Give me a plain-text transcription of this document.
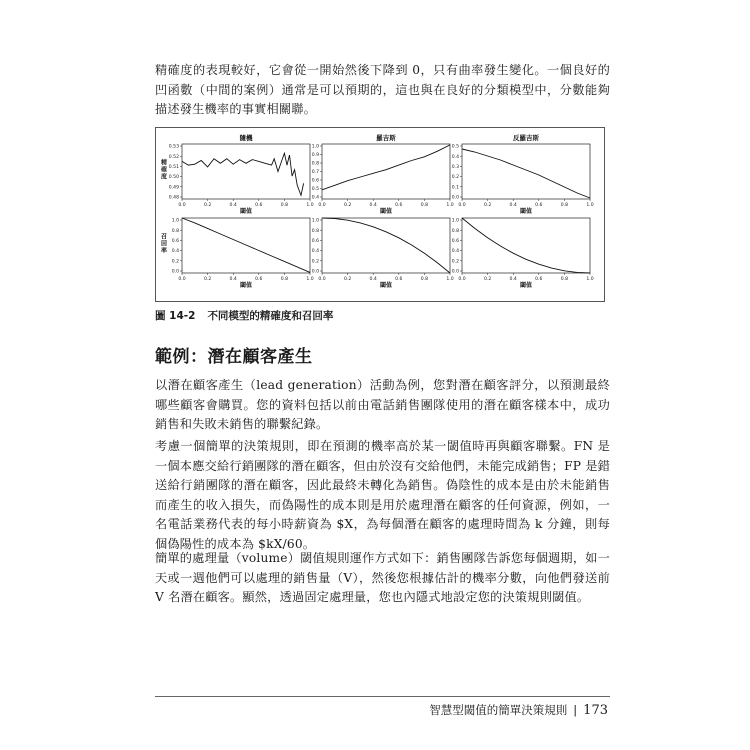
精確度的表現較好，它會從一開始然後下降到 0，只有曲率發生變化。一個良好的凹函數（中間的案例）通常是可以預期的，這也與在良好的分類模型中，分數能夠描述發生機率的事實相關聯。
0.53
0.52
0.51
0.50
0.49
0.48
0.0	0.2	0.4	0.6	0.8	1.0
閾值
隨機
精確度
1.0
0.9
0.8
0.7
0.6
0.5
0.4
0.0	0.2	0.4	0.6	0.8	1.0
閾值
羅吉斯
0.5
0.4
0.3
0.2
0.1
0.0
0.0	0.2	0.4	0.6	0.8	1.0
閾值
反羅吉斯
1.0
0.8
0.6
0.4
0.2
0.0
0.0	0.2	0.4	0.6	0.8	1.0
閾值
召回率
1.0
0.8
0.6
0.4
0.2
0.0
0.0	0.2	0.4	0.6	0.8	1.0
閾值
1.0
0.8
0.6
0.4
0.2
0.0
0.0	0.2	0.4	0.6	0.8	1.0
閾值
圖 14-2 不同模型的精確度和召回率
範例：潛在顧客產生
以潛在顧客產生（lead generation）活動為例，您對潛在顧客評分，以預測最終哪些顧客會購買。您的資料包括以前由電話銷售團隊使用的潛在顧客樣本中，成功銷售和失敗未銷售的聯繫紀錄。
考慮一個簡單的決策規則，即在預測的機率高於某一閾值時再與顧客聯繫。FN 是一個本應交給行銷團隊的潛在顧客，但由於沒有交給他們，未能完成銷售；FP 是錯送給行銷團隊的潛在顧客，因此最終未轉化為銷售。偽陰性的成本是由於未能銷售而產生的收入損失，而偽陽性的成本則是用於處理潛在顧客的任何資源，例如，一名電話業務代表的每小時薪資為 $X，為每個潛在顧客的處理時間為 k 分鐘，則每個偽陽性的成本為 $kX/60。
簡單的處理量（volume）閾值規則運作方式如下：銷售團隊告訴您每個週期，如一天或一週他們可以處理的銷售量（V），然後您根據估計的機率分數，向他們發送前 V 名潛在顧客。顯然，透過固定處理量，您也內隱式地設定您的決策規則閾值。
智慧型閾值的簡單決策規則 | 173
